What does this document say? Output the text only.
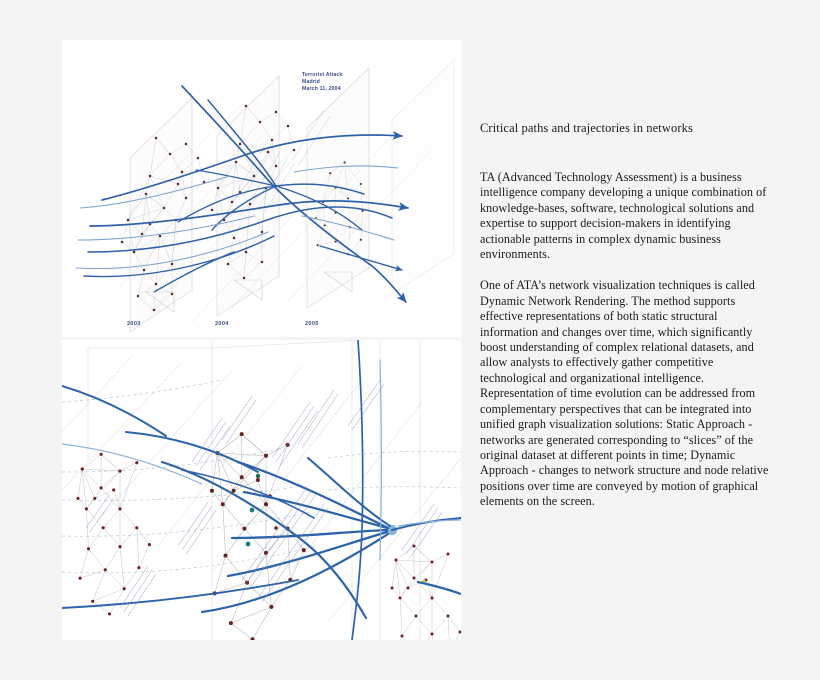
Terrorist Attack
Madrid
March 11, 2004
2003	2004	2005
Critical paths and trajectories in networks

TA (Advanced Technology Assessment) is a business intelligence company developing a unique combination of knowledge-bases, software, technological solutions and expertise to support decision-makers in identifying actionable patterns in complex dynamic business environments.

One of ATA’s network visualization techniques is called Dynamic Network Rendering. The method supports effective representations of both static structural information and changes over time, which significantly boost understanding of complex relational datasets, and allow analysts to effectively gather competitive technological and organizational intelligence. Representation of time evolution can be addressed from complementary perspectives that can be integrated into unified graph visualization solutions: Static Approach - networks are generated corresponding to “slices” of the original dataset at different points in time; Dynamic Approach - changes to network structure and node relative positions over time are conveyed by motion of graphical elements on the screen.
